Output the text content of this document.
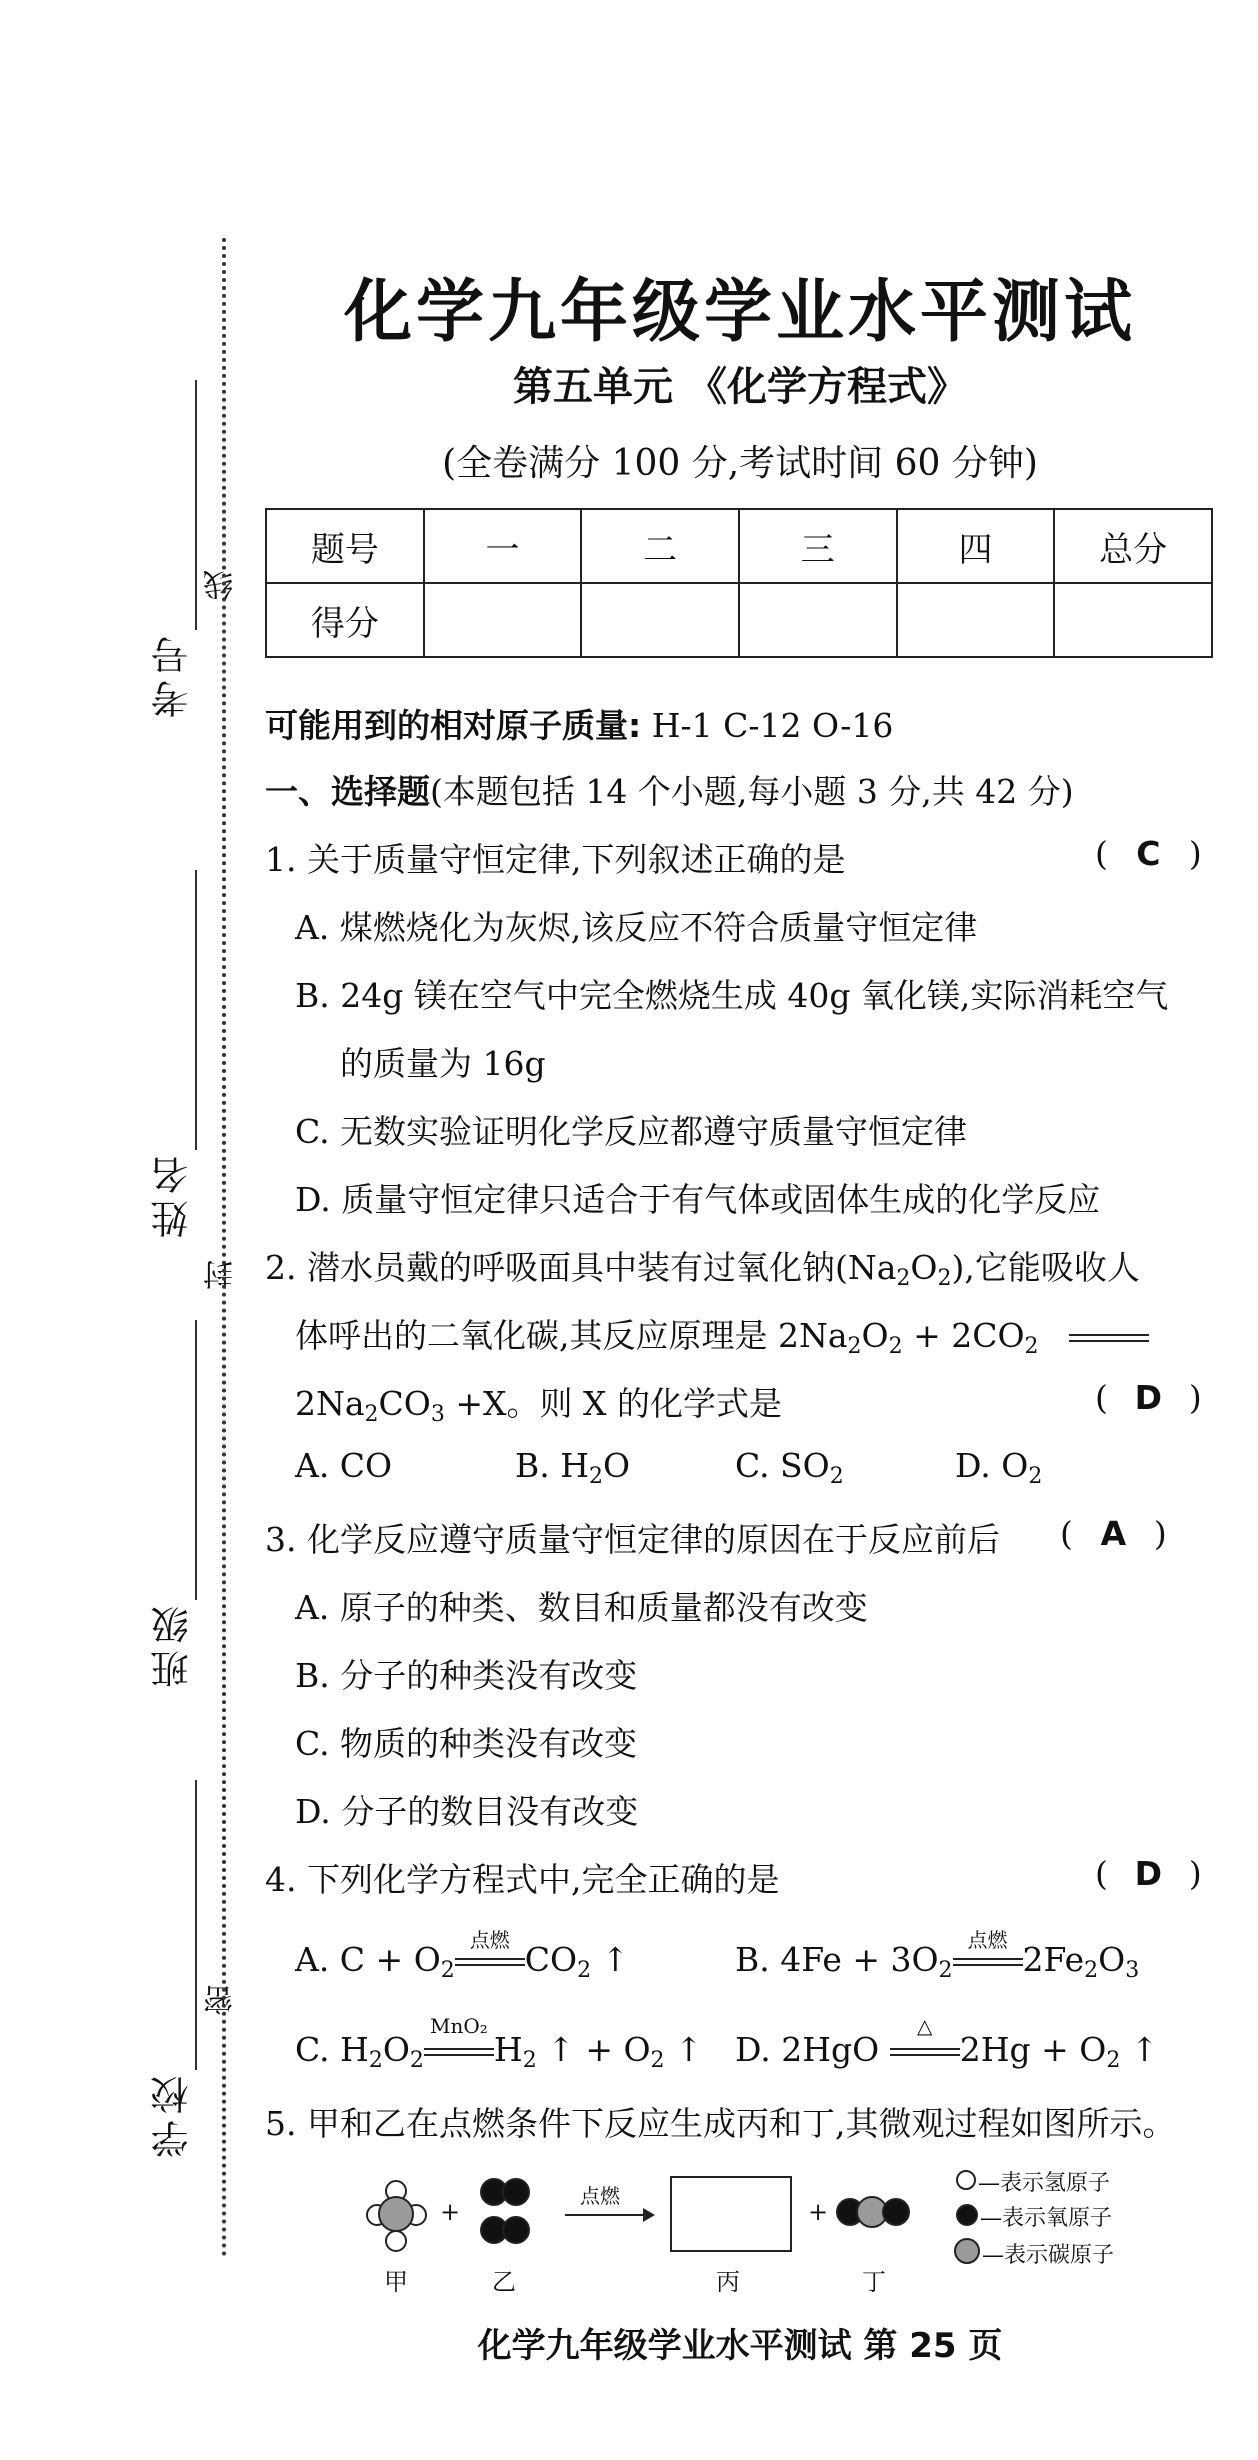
考号
线
姓名
封
班级
学校
密
化学九年级学业水平测试
第五单元 《化学方程式》
(全卷满分 100 分,考试时间 60 分钟)
题号	一	二	三	四	总分
得分					
可能用到的相对原子质量: H-1 C-12 O-16
一、选择题(本题包括 14 个小题,每小题 3 分,共 42 分)
1. 关于质量守恒定律,下列叙述正确的是	( C )
A. 煤燃烧化为灰烬,该反应不符合质量守恒定律
B. 24g 镁在空气中完全燃烧生成 40g 氧化镁,实际消耗空气
的质量为 16g
C. 无数实验证明化学反应都遵守质量守恒定律
D. 质量守恒定律只适合于有气体或固体生成的化学反应
2. 潜水员戴的呼吸面具中装有过氧化钠$(Na_2O_2)$,它能吸收人
体呼出的二氧化碳,其反应原理是 $2Na_2O_2 + 2CO_2$
$2Na_2CO_3 +X$。则 X 的化学式是	( D )
A. CO	B. $H_2O$	C. $SO_2$	D. $O_2$
3. 化学反应遵守质量守恒定律的原因在于反应前后 ( A )
A. 原子的种类、数目和质量都没有改变
B. 分子的种类没有改变
C. 物质的种类没有改变
D. 分子的数目没有改变
4. 下列化学方程式中,完全正确的是	( D )
A. $C + O_2$
点燃 $CO_2$ ↑	B. $4Fe + 3O_2$
点燃 $2Fe_2O_3$
C. $H_2O_2$
MnO₂
$H_2$ ↑ + $O_2$ ↑ D. 2HgO
△
$2Hg + O_2$ ↑
5. 甲和乙在点燃条件下反应生成丙和丁,其微观过程如图所示。
甲
+
乙
点燃
丙
+
丁
—表示氢原子
—表示氧原子
—表示碳原子
化学九年级学业水平测试 第 25 页
